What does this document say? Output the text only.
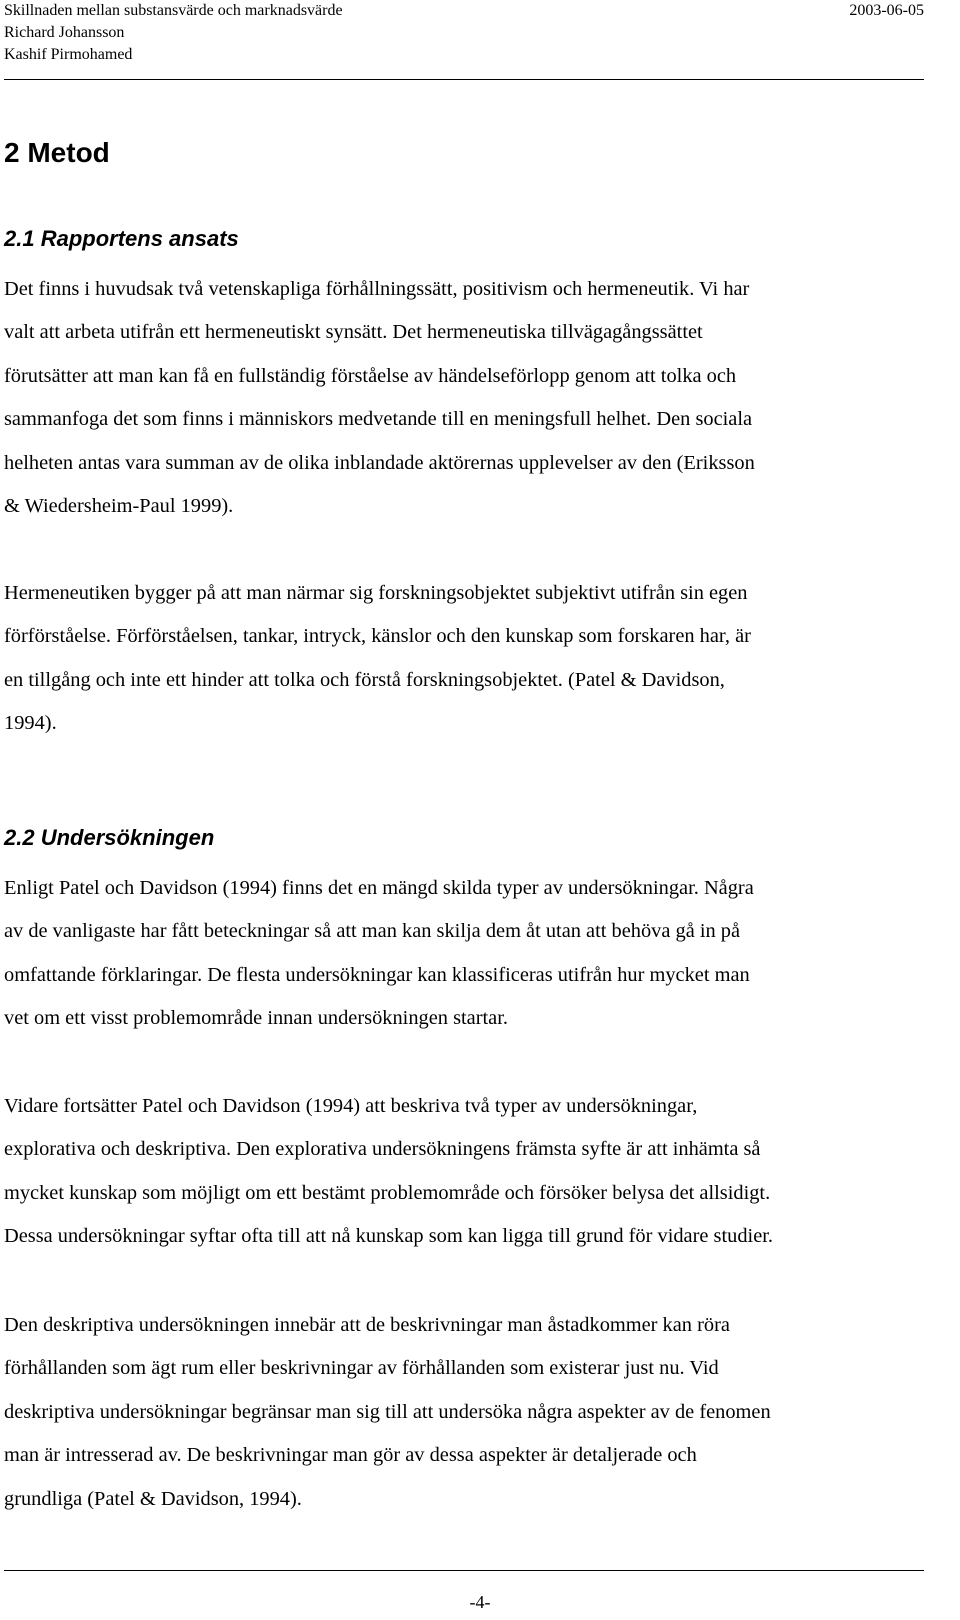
Skillnaden mellan substansvärde och marknadsvärde	2003-06-05
Richard Johansson
Kashif Pirmohamed
2 Metod
2.1 Rapportens ansats

Det finns i huvudsak två vetenskapliga förhållningssätt, positivism och hermeneutik. Vi har
valt att arbeta utifrån ett hermeneutiskt synsätt. Det hermeneutiska tillvägagångssättet
förutsätter att man kan få en fullständig förståelse av händelseförlopp genom att tolka och
sammanfoga det som finns i människors medvetande till en meningsfull helhet. Den sociala
helheten antas vara summan av de olika inblandade aktörernas upplevelser av den (Eriksson
& Wiedersheim-Paul 1999).

Hermeneutiken bygger på att man närmar sig forskningsobjektet subjektivt utifrån sin egen
förförståelse. Förförståelsen, tankar, intryck, känslor och den kunskap som forskaren har, är
en tillgång och inte ett hinder att tolka och förstå forskningsobjektet. (Patel & Davidson,
1994).

2.2 Undersökningen

Enligt Patel och Davidson (1994) finns det en mängd skilda typer av undersökningar. Några
av de vanligaste har fått beteckningar så att man kan skilja dem åt utan att behöva gå in på
omfattande förklaringar. De flesta undersökningar kan klassificeras utifrån hur mycket man
vet om ett visst problemområde innan undersökningen startar.

Vidare fortsätter Patel och Davidson (1994) att beskriva två typer av undersökningar,
explorativa och deskriptiva. Den explorativa undersökningens främsta syfte är att inhämta så
mycket kunskap som möjligt om ett bestämt problemområde och försöker belysa det allsidigt.
Dessa undersökningar syftar ofta till att nå kunskap som kan ligga till grund för vidare studier.

Den deskriptiva undersökningen innebär att de beskrivningar man åstadkommer kan röra
förhållanden som ägt rum eller beskrivningar av förhållanden som existerar just nu. Vid
deskriptiva undersökningar begränsar man sig till att undersöka några aspekter av de fenomen
man är intresserad av. De beskrivningar man gör av dessa aspekter är detaljerade och
grundliga (Patel & Davidson, 1994).

-4-
